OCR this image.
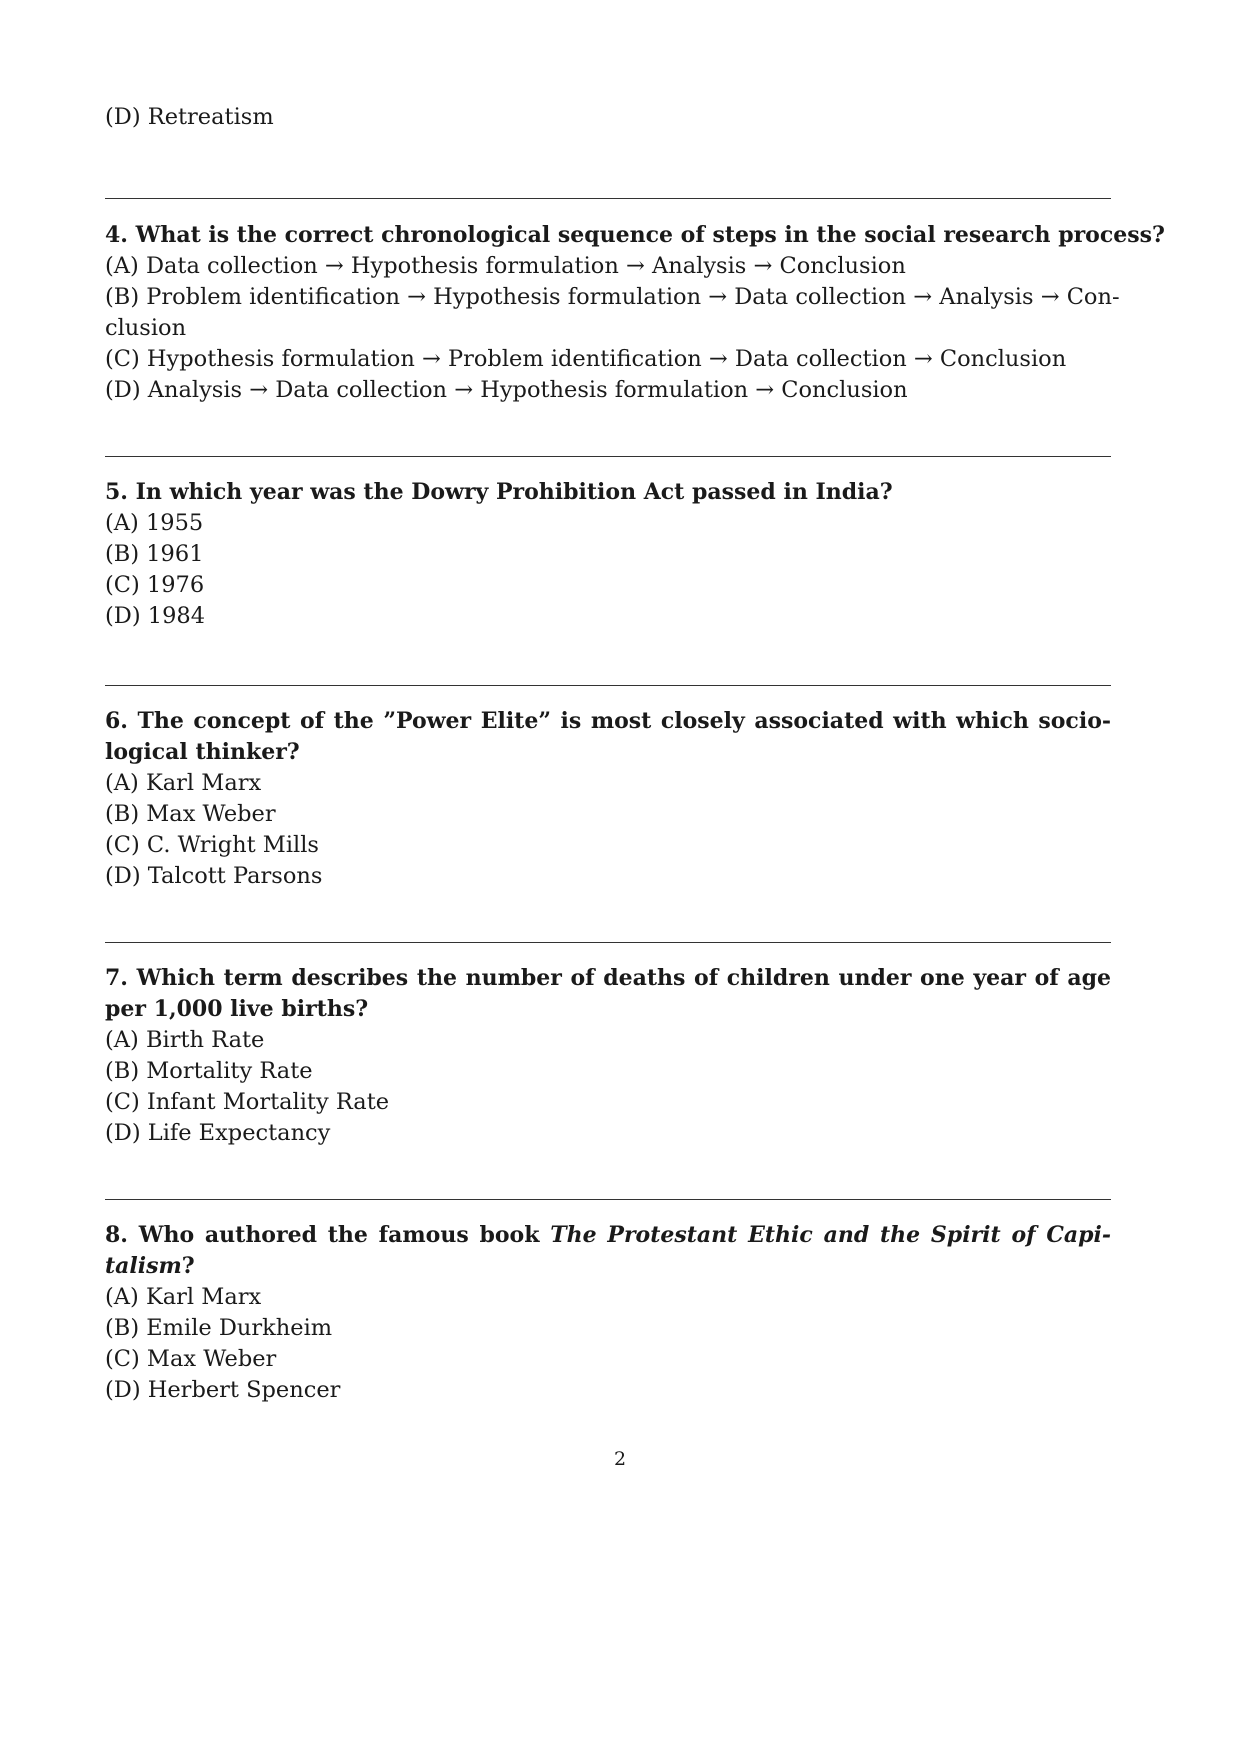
(D) Retreatism
4. What is the correct chronological sequence of steps in the social research process?
(A) Data collection → Hypothesis formulation → Analysis → Conclusion
(B) Problem identification → Hypothesis formulation → Data collection → Analysis → Con-
clusion
(C) Hypothesis formulation → Problem identification → Data collection → Conclusion
(D) Analysis → Data collection → Hypothesis formulation → Conclusion
5. In which year was the Dowry Prohibition Act passed in India?
(A) 1955
(B) 1961
(C) 1976
(D) 1984
6. The concept of the ”Power Elite” is most closely associated with which socio-
logical thinker?
(A) Karl Marx
(B) Max Weber
(C) C. Wright Mills
(D) Talcott Parsons
7. Which term describes the number of deaths of children under one year of age
per 1,000 live births?
(A) Birth Rate
(B) Mortality Rate
(C) Infant Mortality Rate
(D) Life Expectancy
8. Who authored the famous book The Protestant Ethic and the Spirit of Capi-
talism?
(A) Karl Marx
(B) Emile Durkheim
(C) Max Weber
(D) Herbert Spencer
2
